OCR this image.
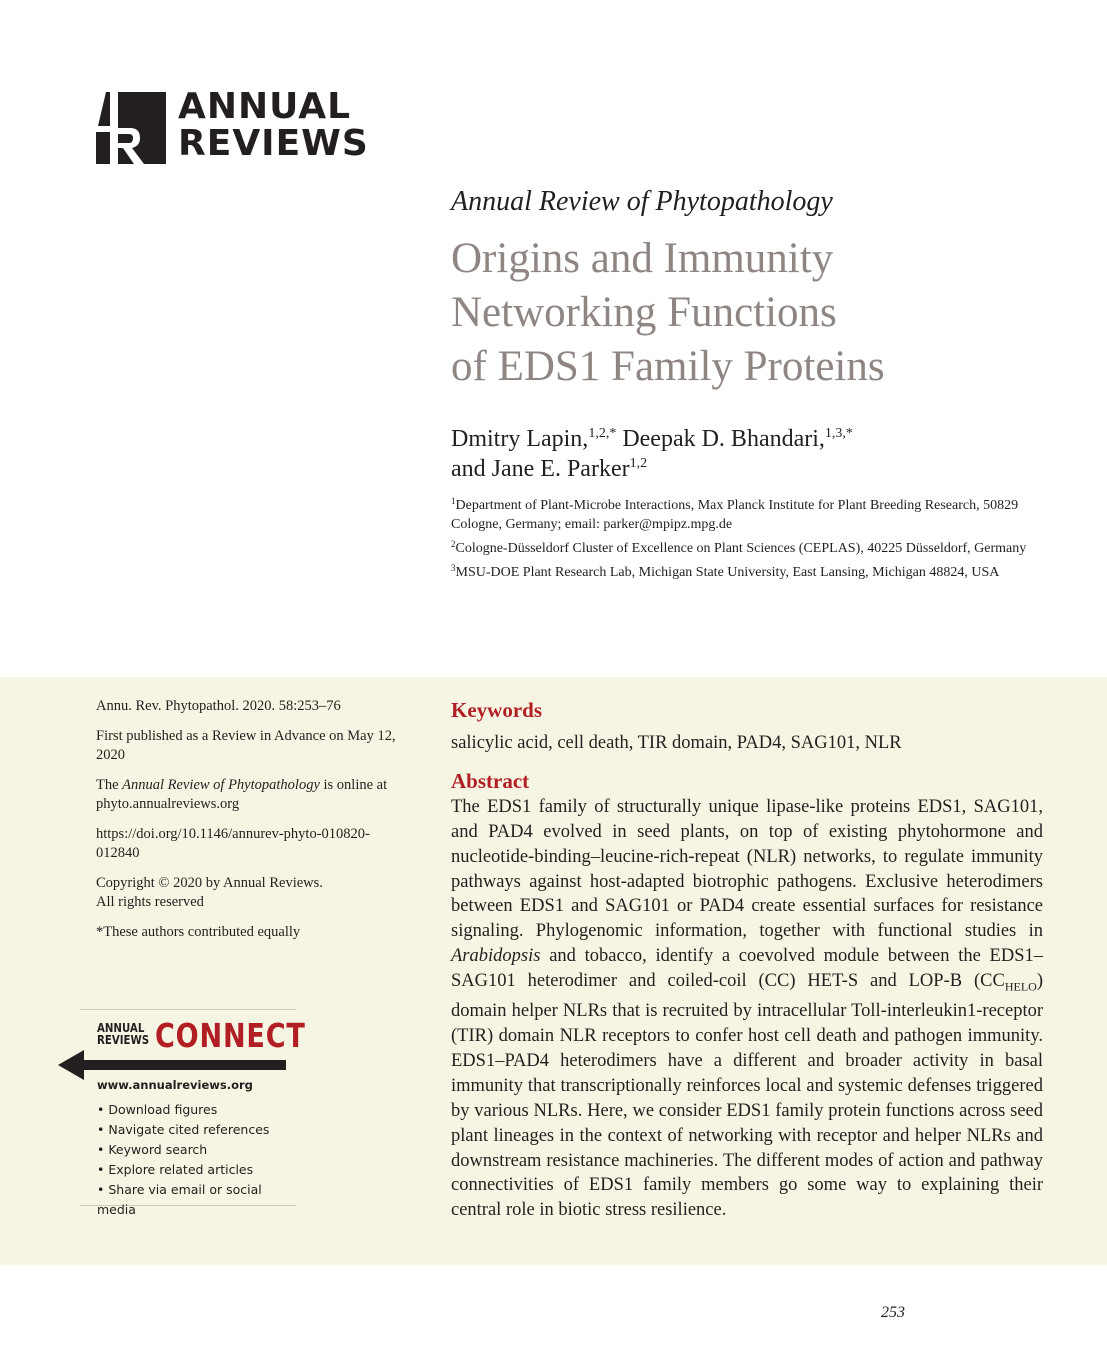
ANNUAL
REVIEWS
Annual Review of Phytopathology
Origins and Immunity
Networking Functions
of EDS1 Family Proteins

Dmitry Lapin,$^{1,2,*}$ Deepak D. Bhandari,$^{1,3,*}$
and Jane E. Parker$^{1,2}$

$^1$Department of Plant-Microbe Interactions, Max Planck Institute for Plant Breeding Research, 50829 Cologne, Germany; email: parker@mpipz.mpg.de

$^2$Cologne-Düsseldorf Cluster of Excellence on Plant Sciences (CEPLAS), 40225 Düsseldorf, Germany

$^3$MSU-DOE Plant Research Lab, Michigan State University, East Lansing, Michigan 48824, USA

Annu. Rev. Phytopathol. 2020. 58:253–76

First published as a Review in Advance on May 12, 2020

The Annual Review of Phytopathology is online at phyto.annualreviews.org

https://doi.org/10.1146/annurev-phyto-010820-012840

Copyright © 2020 by Annual Reviews.
All rights reserved

*These authors contributed equally

ANNUAL
REVIEWS CONNECT
www.annualreviews.org
• Download figures
• Navigate cited references
• Keyword search
• Explore related articles
• Share via email or social media
Keywords

salicylic acid, cell death, TIR domain, PAD4, SAG101, NLR

Abstract

The EDS1 family of structurally unique lipase-like proteins EDS1, SAG101, and PAD4 evolved in seed plants, on top of existing phytohormone and nucleotide-binding–leucine-rich-repeat (NLR) networks, to regulate immunity pathways against host-adapted biotrophic pathogens. Exclusive heterodimers between EDS1 and SAG101 or PAD4 create essential surfaces for resistance signaling. Phylogenomic information, together with functional studies in Arabidopsis and tobacco, identify a coevolved module between the EDS1–SAG101 heterodimer and coiled-coil (CC) HET-S and LOP-B $(CC_{HELO})$ domain helper NLRs that is recruited by intracellular Toll-interleukin1-receptor (TIR) domain NLR receptors to confer host cell death and pathogen immunity. EDS1–PAD4 heterodimers have a different and broader activity in basal immunity that transcriptionally reinforces local and systemic defenses triggered by various NLRs. Here, we consider EDS1 family protein functions across seed plant lineages in the context of networking with receptor and helper NLRs and downstream resistance machineries. The different modes of action and pathway connectivities of EDS1 family members go some way to explaining their central role in biotic stress resilience.

253
